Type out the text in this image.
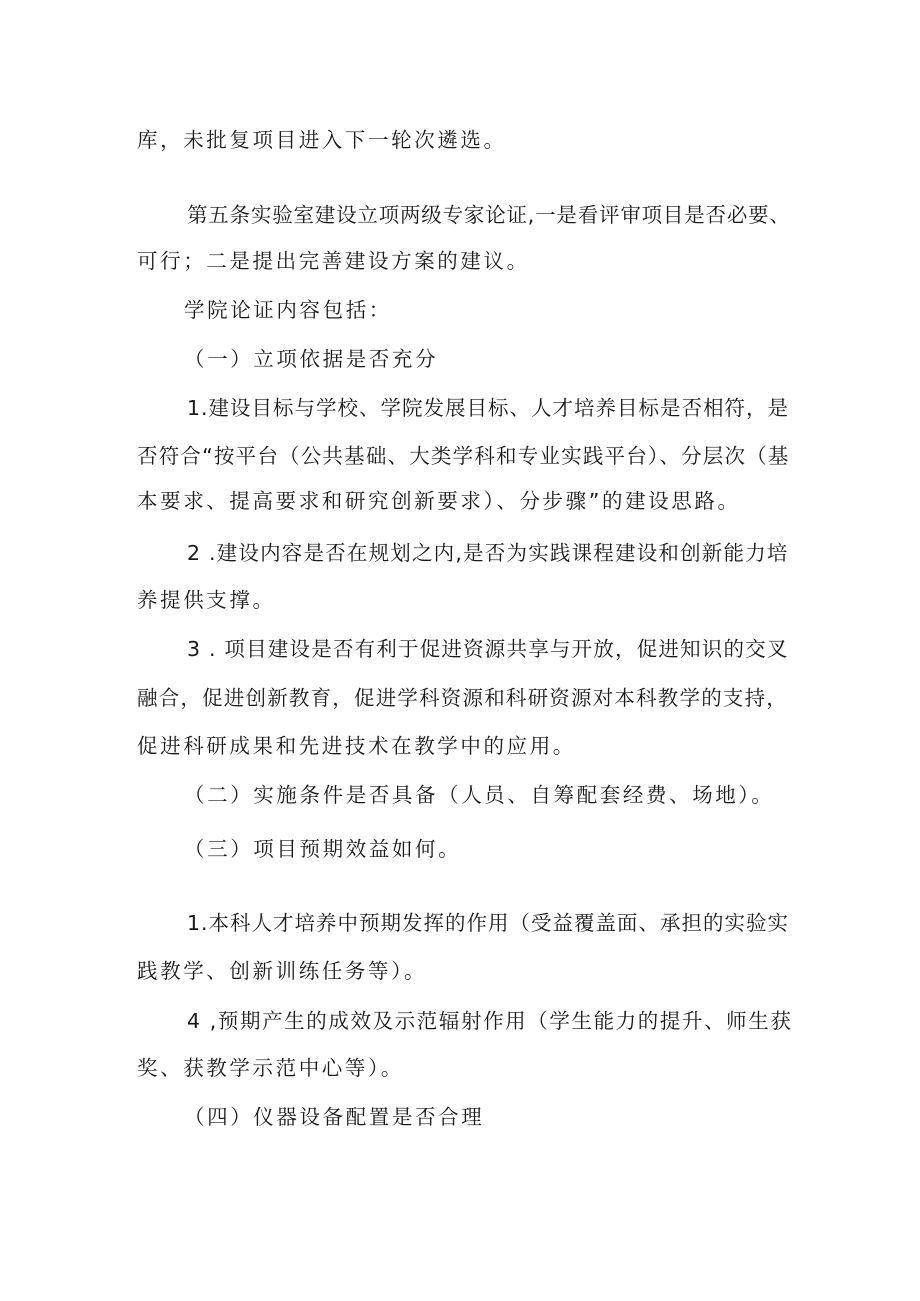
库，未批复项目进入下一轮次遴选。
第五条实验室建设立项两级专家论证,一是看评审项目是否必要、
可行；二是提出完善建设方案的建议。
学院论证内容包括：
（一）立项依据是否充分
1.建设目标与学校、学院发展目标、人才培养目标是否相符，是
否符合“按平台（公共基础、大类学科和专业实践平台）、分层次（基
本要求、提高要求和研究创新要求）、分步骤”的建设思路。
2 .建设内容是否在规划之内,是否为实践课程建设和创新能力培
养提供支撑。
3 . 项目建设是否有利于促进资源共享与开放，促进知识的交叉
融合，促进创新教育，促进学科资源和科研资源对本科教学的支持，
促进科研成果和先进技术在教学中的应用。
（二）实施条件是否具备（人员、自筹配套经费、场地）。
（三）项目预期效益如何。
1.本科人才培养中预期发挥的作用（受益覆盖面、承担的实验实
践教学、创新训练任务等）。
4 ,预期产生的成效及示范辐射作用（学生能力的提升、师生获
奖、获教学示范中心等）。
（四）仪器设备配置是否合理
